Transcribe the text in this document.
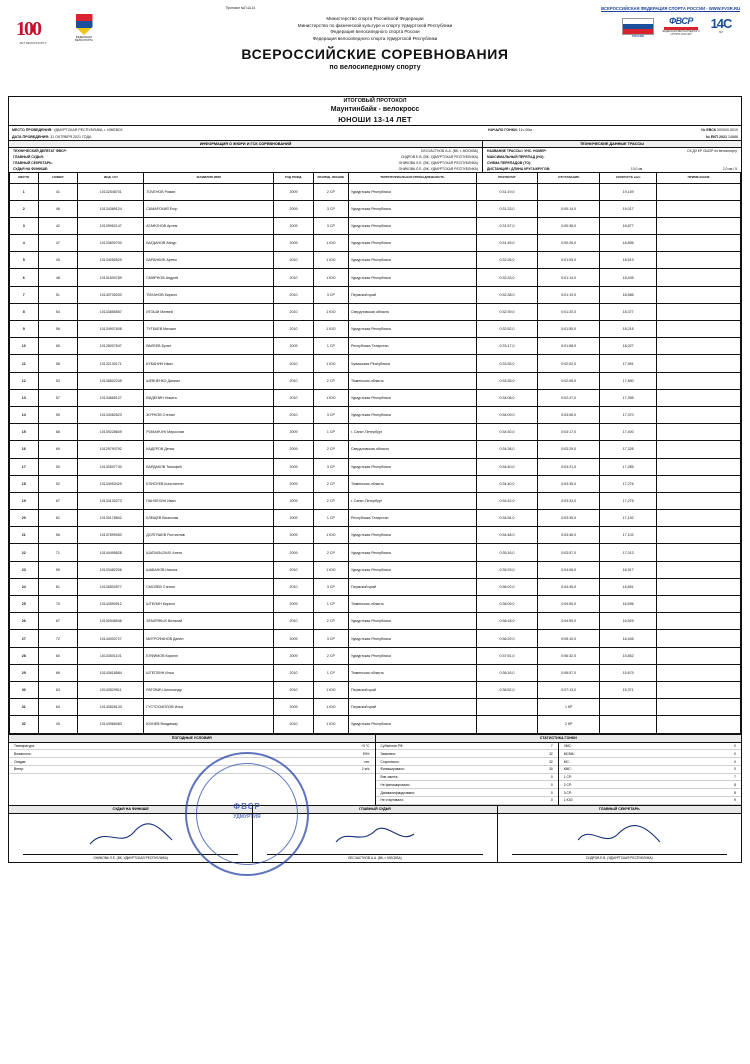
Протокол №П-Ш-14	ВСЕРОССИЙСКАЯ ФЕДЕРАЦИЯ СПОРТА РОССИИ - WWW.FVSR.RU
100
ЛЕТ ВЕЛОСПОРТУ
ФЕДЕРАЦИЯ ВЕЛОСПОРТА
Министерство спорта Российской Федерации
Министерство по физической культуре и спорту Удмуртской Республики
Федерация велосипедного спорта России
Федерация велосипедного спорта Удмуртской Республики	РОССИЯ
ФВСР
ФЕДЕРАЦИЯ ВЕЛОСИПЕДНОГО СПОРТА РОССИИ
14С
ЛЕТ
ВСЕРОССИЙСКИЕ СОРЕВНОВАНИЯ
по велосипедному спорту
ИТОГОВЫЙ ПРОТОКОЛ
Маунтинбайк - велокросс
ЮНОШИ 13-14 ЛЕТ
МЕСТО ПРОВЕДЕНИЯ: УДМУРТСКАЯ РЕСПУБЛИКА, г. ИЖЕВСК	НАЧАЛО ГОНКИ: 11ч 00м	№ ЕВСК 000000.0010
ДАТА ПРОВЕДЕНИЯ: 31 ОКТЯБРЯ 2021 ГОДА	№ ЕКП 2021 24888
ИНФОРМАЦИЯ О ЖЮРИ И ГСК СОРЕВНОВАНИЙ
ТЕХНИЧЕСКИЙ ДЕЛЕГАТ ФВСР:	БЕСЧАСТНОВ А.А. (ВК, г. МОСКВА)
ГЛАВНЫЙ СУДЬЯ:	СИДРОВ Е.В. (ВК, УДМУРТСКАЯ РЕСПУБЛИКА)
ГЛАВНЫЙ СЕКРЕТАРЬ:	ОНИКОВА Л.Е. (ВК, УДМУРТСКАЯ РЕСПУБЛИКА)
СУДЬЯ НА ФИНИШЕ:	ОНИКОВА Л.Е. (ВК, УДМУРТСКАЯ РЕСПУБЛИКА)
ТЕХНИЧЕСКИЕ ДАННЫЕ ТРАССЫ
НАЗВАНИЕ ТРАССЫ / УНС. НОМЕР:	СК ДЗ КР СШОР по велоспорту
МАКСИМАЛЬНЫЙ ПЕРЕПАД (НО):
СУММА ПЕРЕПАДОВ (ТО):
ДИСТАНЦИЯ / ДЛИНА КРУГА/КРУГОВ:	10,0 км	2,0 км / 5
МЕСТО	НОМЕР	ИНД. UCI	ФАМИЛИЯ ИМЯ	ГОД РОЖД.	РАЗРЯД, ЗВАНИЕ	ТЕРРИТОРИАЛЬНАЯ ПРИНАДЛЕЖНОСТЬ	РЕЗУЛЬТАТ	ОТСТАВАНИЕ	СКОРОСТЬ км/ч	ПРИМЕЧАНИЕ
1	41	10132548701	ТОЧЕНОВ Роман	2009	2 СР	Удмуртская Республика	0:31:19,0		19,159	
2	46	10134389124	САМАРСКИЙ Егор	2009	3 СР	Удмуртская Республика	0:31:33,0	0:00:14,0	19,017	
3	42	10139952147	АГАФОНОВ Артем	2009	3 СР	Удмуртская Республика	0:31:57,0	0:00:38,0	18,877	
4	47	10133600700	БАГДАНОВ Айнур	2009	1 ЮО	Удмуртская Республика	0:31:45,0	0:00:26,0	18,896	
5	45	10134055529	БАРАНКИН Артем	2010	1 ЮО	Удмуртская Республика	0:32:26,0	0:01:05,0	18,519	
6	48	10131600789	СМИРНОВ Андрей	2010	1 ЮО	Удмуртская Республика	0:32:33,0	0:01:14,0	18,435	
7	51	10140705200	ТИХАНОВ Кирилл	2010	3 СР	Пермский край	0:32:38,0	0:01:19,0	18,586	
8	54	10133856557	ИГОШИ Матвей	2010	1 ЮО	Свердловская область	0:32:39,0	0:01:20,0	18,377	
9	56	10134907608	ТУГБАЕВ Михаил	2010	1 ЮО	Удмуртская Республика	0:32:52,0	0:01:55,0	18,216	
10	65	10128007547	ВАЛЕЕВ Булат	2009	1 СР	Республика Татарстан	0:33:17,0	0:01:58,0	18,027	
11	58	10132130171	КУБАНИН Иван	2010	1 ЮО	Чувашская Республика	0:33:35,0	0:02:02,0	17,991	
12	53	10138602245	ШЕВЧЕНКО Даниил	2010	2 СР	Тюменская область	0:33:35,0	0:02:06,0	17,890	
13	57	10134665127	ВИДЕНИН Никита	2010	1 ЮО	Удмуртская Республика	0:34:08,0	0:02:47,0	17,395	
14	55	10134060523	ЖУРКОВ Степан	2010	3 СР	Удмуртская Республика	0:34:09,0	0:03:06,0	17,370	
15	68	10139228609	РОМАНЧУК Мирослав	2009	1 СР	г. Санкт-Петербург	0:34:30,0	0:03:17,0	17,400	
16	69	10129790792	КАДЕРОВ Денис	2009	2 СР	Свердловская область	0:34:38,0	0:03:29,0	17,326	
17	50	10130507740	БАРДАКОВ Тимофей	2009	3 СР	Удмуртская Республика	0:34:40,0	0:03:21,0	17,285	
18	52	10134953429	ЕЛИСЕЕВ Константин	2009	2 СР	Тюменская область	0:34:40,0	0:03:35,0	17,276	
19	67	10134130273	ПАНЧЕХИН Иван	2009	2 СР	г. Санкт-Петербург	0:34:42,0	0:03:33,0	17,276	
20	62	10130178602	КЛЕЩЕВ Вячеслав	2009	1 СР	Республика Татарстан	0:34:54,0	0:03:35,0	17,192	
21	56	10137699050	ДОЛГУШЕВ Ростислав	2009	1 ЮО	Удмуртская Республика	0:34:48,0	0:03:46,0	17,102	
22	71	10144495628	ШАПАЛЬСКИХ Антон	2009	2 СР	Удмуртская Республика	0:35:16,0	0:03:57,0	17,013	
23	59	10133482206	ШАБАНОВ Никита	2010	1 ЮО	Удмуртская Республика	0:35:29,0	0:04:06,0	16,917	
24	61	10136500577	СМОЛЕВ Степан	2010	3 СР	Пермский край	0:36:02,0	0:04:45,0	16,651	
25	70	10143590912	ШТЕЛИН Кирилл	2009	1 СР	Тюменская область	0:36:09,0	0:04:50,0	16,596	
26	67	10130948546	ЗЕМЛЯНЫХ Виталий	2010	2 СР	Удмуртская Республика	0:36:18,0	0:04:59,0	16,529	
27	72	10144000727	МИТРОФАНОВ Данил	2009	3 СР	Удмуртская Республика	0:36:29,0	0:05:10,0	16,446	
28	60	10133501101	ЕЛФИМОВ Кирилл	2009	2 СР	Удмуртская Республика	0:37:51,0	0:06:32,0	15,852	
29	66	10143618584	ШТЕПЛИН Илья	2010	1 СР	Тюменская область	0:38:16,0	0:06:57,0	15,679	
30	63	10143529511	РАТОВИЧ Александр	2010	1 ЮО	Пермский край	0:38:52,0	0:07:13,0	15,371	
31	64	10143526133	ГУСТОСМОЛОВ Илья	2009	1 ЮО	Пермский край		1 КР		
32	45	10143966083	ЮХНЕВ Владимир	2010	1 ЮО	Удмуртская Республика		2 КР		
ПОГОДНЫЕ УСЛОВИЯ
Температура:	+3 °C
Влажность:	90%
Осадки:	нет
Ветер:	2 м/с
СТАТИСТИКА ГОНКИ
Субъектов РФ:	7
Заявлено:	32
Стартовало:	32
Финишировало:	30
Вне зачета:	0
Не финишировало:	0
Дисквалифицировано:	0
Не стартовало:	0
ЗМС:	0
МСМК:	0
МС:	0
КМС:	0
1 СР:	7
2 СР:	8
3 СР:	8
1 ЮО:	9
ФВСР
УДМУРТИЯ
СУДЬЯ НА ФИНИШЕ
ОНИКОВА Л.Е. (ВК, УДМУРТСКАЯ РЕСПУБЛИКА)
ГЛАВНЫЙ СУДЬЯ
БЕСЧАСТНОВ А.А. (ВК, г. МОСКВА)
ГЛАВНЫЙ СЕКРЕТАРЬ
СИДРОВ Е.В. (УДМУРТСКАЯ РЕСПУБЛИКА)
